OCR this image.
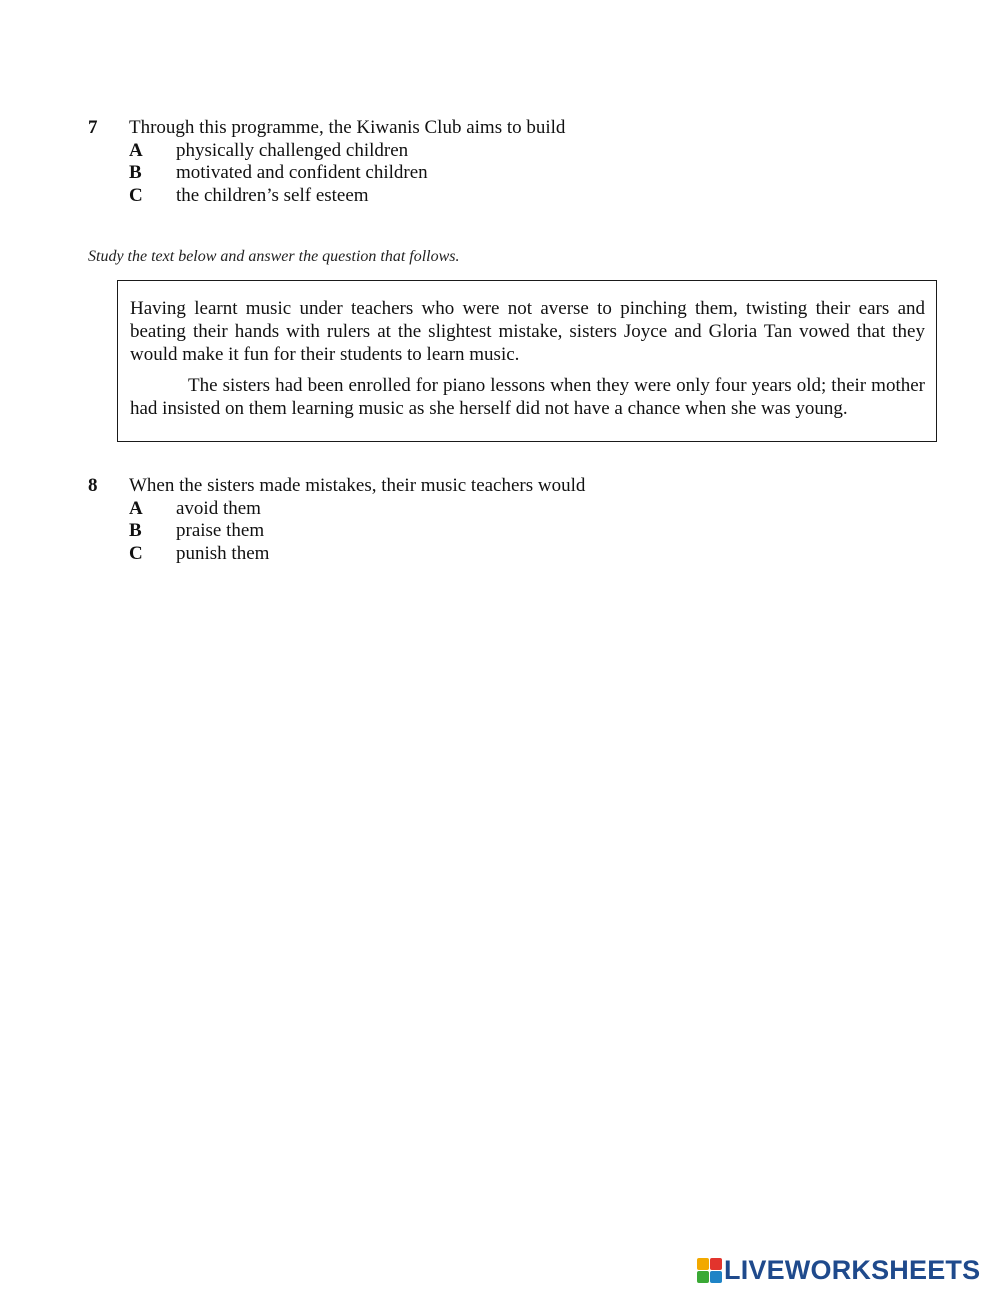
7	Through this programme, the Kiwanis Club aims to build
A	physically challenged children
B	motivated and confident children
C	the children’s self esteem
Study the text below and answer the question that follows.

Having learnt music under teachers who were not averse to pinching them, twisting their ears and beating their hands with rulers at the slightest mistake, sisters Joyce and Gloria Tan vowed that they would make it fun for their students to learn music.

The sisters had been enrolled for piano lessons when they were only four years old; their mother had insisted on them learning music as she herself did not have a chance when she was young.

8	When the sisters made mistakes, their music teachers would
A	avoid them
B	praise them
C	punish them
LIVEWORKSHEETS
